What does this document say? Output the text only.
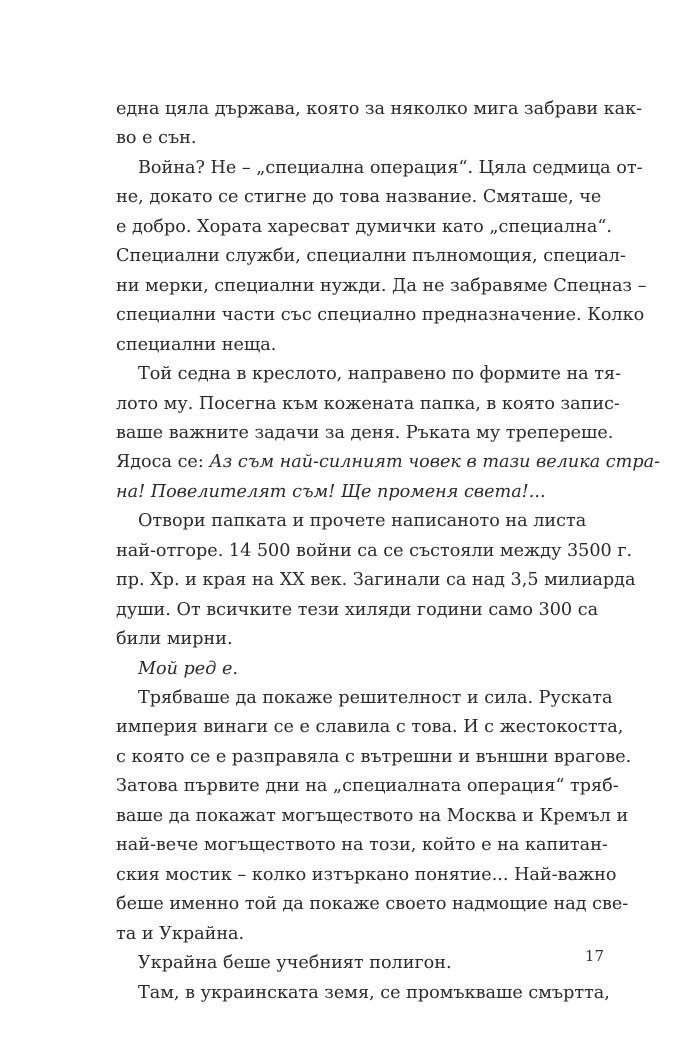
една цяла държава, която за няколко мига забрави как-
во е сън.
Война? Не – „специална операция“. Цяла седмица от-
не, докато се стигне до това название. Смяташе, че
е добро. Хората харесват думички като „специална“.
Специални служби, специални пълномощия, специал-
ни мерки, специални нужди. Да не забравяме Спецназ –
специални части със специално предназначение. Колко
специални неща.
Той седна в креслото, направено по формите на тя-
лото му. Посегна към кожената папка, в която запис-
ваше важните задачи за деня. Ръката му трепереше.
Ядоса се: Аз съм най-силният човек в тази велика стра-
на! Повелителят съм! Ще променя света!...
Отвори папката и прочете написаното на листа
най-отгоре. 14 500 войни са се състояли между 3500 г.
пр. Хр. и края на ХХ век. Загинали са над 3,5 милиарда
души. От всичките тези хиляди години само 300 са
били мирни.
Мой ред е.
Трябваше да покаже решителност и сила. Руската
империя винаги се е славила с това. И с жестокостта,
с която се е разправяла с вътрешни и външни врагове.
Затова първите дни на „специалната операция“ тряб-
ваше да покажат могъществото на Москва и Кремъл и
най-вече могъществото на този, който е на капитан-
ския мостик – колко изтъркано понятие... Най-важно
беше именно той да покаже своето надмощие над све-
та и Украйна.
Украйна беше учебният полигон.
Там, в украинската земя, се промъкваше смъртта,
17
